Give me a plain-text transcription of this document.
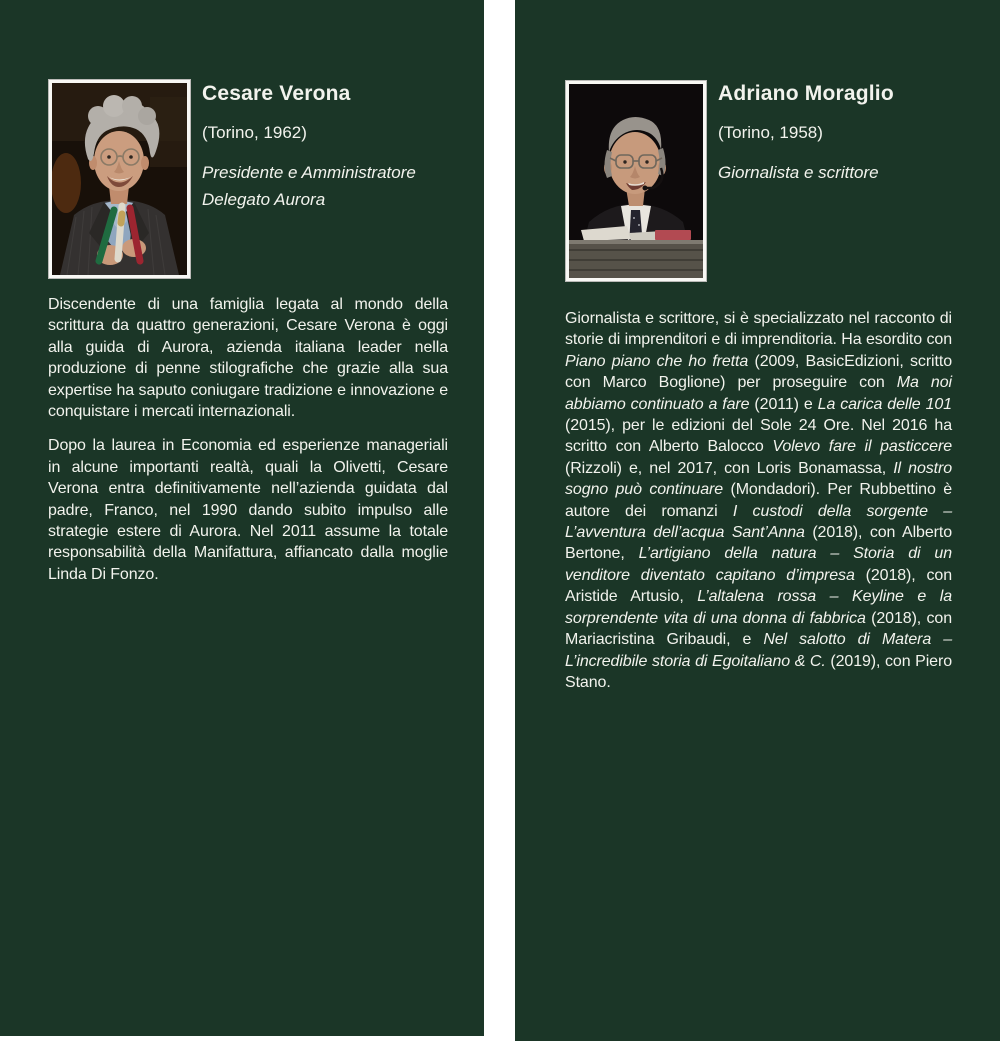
Cesare Verona

(Torino, 1962)

Presidente e Amministratore
Delegato Aurora

Discendente di una famiglia legata al mondo della scrittura da quattro generazioni, Cesare Verona è oggi alla guida di Aurora, azienda italiana leader nella produzione di penne stilografiche che grazie alla sua expertise ha saputo coniugare tradizione e innovazione e conquistare i mercati internazionali.

Dopo la laurea in Economia ed esperienze manageriali in alcune importanti realtà, quali la Olivetti, Cesare Verona entra definitivamente nell’azienda guidata dal padre, Franco, nel 1990 dando subito impulso alle strategie estere di Aurora. Nel 2011 assume la totale responsabilità della Manifattura, affiancato dalla moglie Linda Di Fonzo.

Adriano Moraglio

(Torino, 1958)

Giornalista e scrittore

Giornalista e scrittore, si è specializzato nel racconto di storie di imprenditori e di imprenditoria. Ha esordito con Piano piano che ho fretta (2009, BasicEdizioni, scritto con Marco Boglione) per proseguire con Ma noi abbiamo continuato a fare (2011) e La carica delle 101 (2015), per le edizioni del Sole 24 Ore. Nel 2016 ha scritto con Alberto Balocco Volevo fare il pasticcere (Rizzoli) e, nel 2017, con Loris Bonamassa, Il nostro sogno può continuare (Mondadori). Per Rubbettino è autore dei romanzi I custodi della sorgente – L’avventura dell’acqua Sant’Anna (2018), con Alberto Bertone, L’artigiano della natura – Storia di un venditore diventato capitano d’impresa (2018), con Aristide Artusio, L’altalena rossa – Keyline e la sorprendente vita di una donna di fabbrica (2018), con Mariacristina Gribaudi, e Nel salotto di Matera – L’incredibile storia di Egoitaliano & C. (2019), con Piero Stano.
